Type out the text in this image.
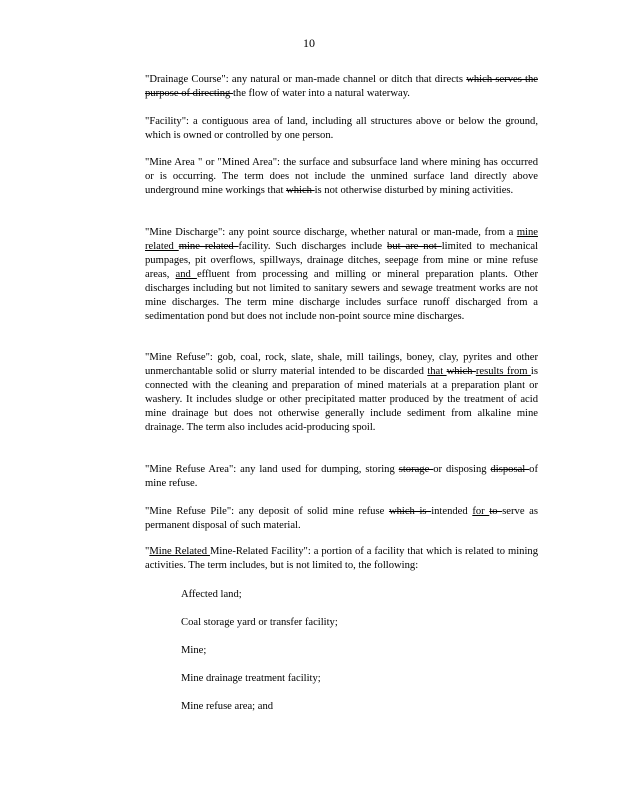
10

"Drainage Course": any natural or man-made channel or ditch that directs which serves the purpose of directing the flow of water into a natural waterway.

"Facility": a contiguous area of land, including all structures above or below the ground, which is owned or controlled by one person.

"Mine Area " or "Mined Area": the surface and subsurface land where mining has occurred or is occurring. The term does not include the unmined surface land directly above underground mine workings that which is not otherwise disturbed by mining activities.

"Mine Discharge": any point source discharge, whether natural or man-made, from a mine related mine related facility. Such discharges include but are not limited to mechanical pumpages, pit overflows, spillways, drainage ditches, seepage from mine or mine refuse areas, and effluent from processing and milling or mineral preparation plants. Other discharges including but not limited to sanitary sewers and sewage treatment works are not mine discharges. The term mine discharge includes surface runoff discharged from a sedimentation pond but does not include non-point source mine discharges.

"Mine Refuse": gob, coal, rock, slate, shale, mill tailings, boney, clay, pyrites and other unmerchantable solid or slurry material intended to be discarded that which results from is connected with the cleaning and preparation of mined materials at a preparation plant or washery. It includes sludge or other precipitated matter produced by the treatment of acid mine drainage but does not otherwise generally include sediment from alkaline mine drainage. The term also includes acid-producing spoil.

"Mine Refuse Area": any land used for dumping, storing storage or disposing disposal of mine refuse.

"Mine Refuse Pile": any deposit of solid mine refuse which is intended for to serve as permanent disposal of such material.

"Mine Related Mine-Related Facility": a portion of a facility that which is related to mining activities. The term includes, but is not limited to, the following:

Affected land;

Coal storage yard or transfer facility;

Mine;

Mine drainage treatment facility;

Mine refuse area; and
